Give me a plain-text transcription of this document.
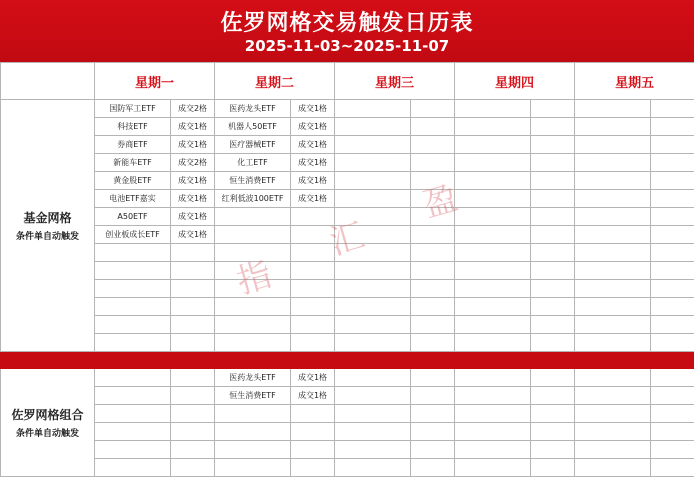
佐罗网格交易触发日历表
2025-11-03~2025-11-07
	星期一		星期二		星期三		星期四		星期五	

基金网格
条件单自动触发	国防军工ETF	成交2格	医药龙头ETF	成交1格						
	科技ETF	成交1格	机器人50ETF	成交1格						
	券商ETF	成交1格	医疗器械ETF	成交1格						
	新能车ETF	成交2格	化工ETF	成交1格						
	黄金股ETF	成交1格	恒生消费ETF	成交1格						
	电池ETF嘉实	成交1格	红利低波100ETF	成交1格						
	A50ETF	成交1格								
	创业板成长ETF	成交1格								

佐罗网格组合
条件单自动触发			医药龙头ETF	成交1格						
			恒生消费ETF	成交1格						

指
汇
盈
